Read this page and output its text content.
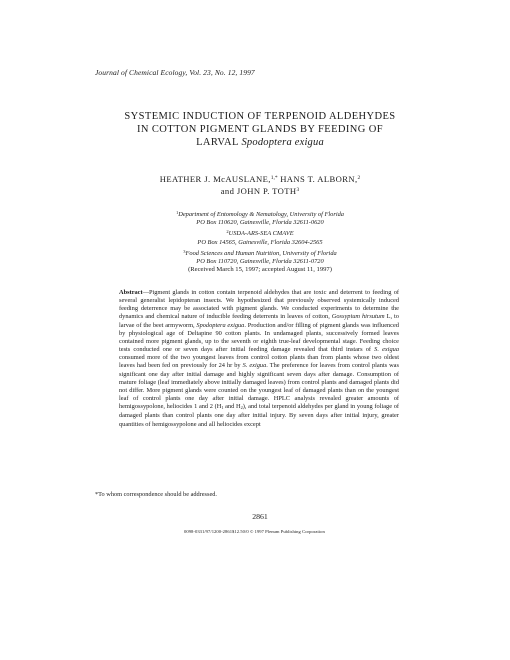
Journal of Chemical Ecology, Vol. 23, No. 12, 1997
SYSTEMIC INDUCTION OF TERPENOID ALDEHYDES
IN COTTON PIGMENT GLANDS BY FEEDING OF
LARVAL Spodoptera exigua
HEATHER J. McAUSLANE,$^{1,*}$ HANS T. ALBORN,$^2$
and JOHN P. TOTH$^3$
$^1$Department of Entomology & Nematology, University of Florida
PO Box 110620, Gainesville, Florida 32611-0620
$^2$USDA-ARS-SEA CMAVE
PO Box 14565, Gainesville, Florida 32604-2565
$^3$Food Sciences and Human Nutrition, University of Florida
PO Box 110720, Gainesville, Florida 32611-0720
(Received March 15, 1997; accepted August 11, 1997)
Abstract—Pigment glands in cotton contain terpenoid aldehydes that are toxic and deterrent to feeding of several generalist lepidopteran insects. We hypothesized that previously observed systemically induced feeding deterrence may be associated with pigment glands. We conducted experiments to determine the dynamics and chemical nature of inducible feeding deterrents in leaves of cotton, Gossypium hirsutum L, to larvae of the beet armyworm, Spodoptera exigua. Production and/or filling of pigment glands was influenced by physiological age of Deltapine 90 cotton plants. In undamaged plants, successively formed leaves contained more pigment glands, up to the seventh or eighth true-leaf developmental stage. Feeding choice tests conducted one or seven days after initial feeding damage revealed that third instars of S. exigua consumed more of the two youngest leaves from control cotton plants than from plants whose two oldest leaves had been fed on previously for 24 hr by S. exigua. The preference for leaves from control plants was significant one day after initial damage and highly significant seven days after damage. Consumption of mature foliage (leaf immediately above initially damaged leaves) from control plants and damaged plants did not differ. More pigment glands were counted on the youngest leaf of damaged plants than on the youngest leaf of control plants one day after initial damage. HPLC analysis revealed greater amounts of hemigossypolone, heliocides 1 and 2 ($H_1$ and $H_2$), and total terpenoid aldehydes per gland in young foliage of damaged plants than control plants one day after initial injury. By seven days after initial injury, greater quantities of hemigossypolone and all heliocides except
*To whom correspondence should be addressed.
2861
0098-0331/97/1200-2861$12.50/0 © 1997 Plenum Publishing Corporation
